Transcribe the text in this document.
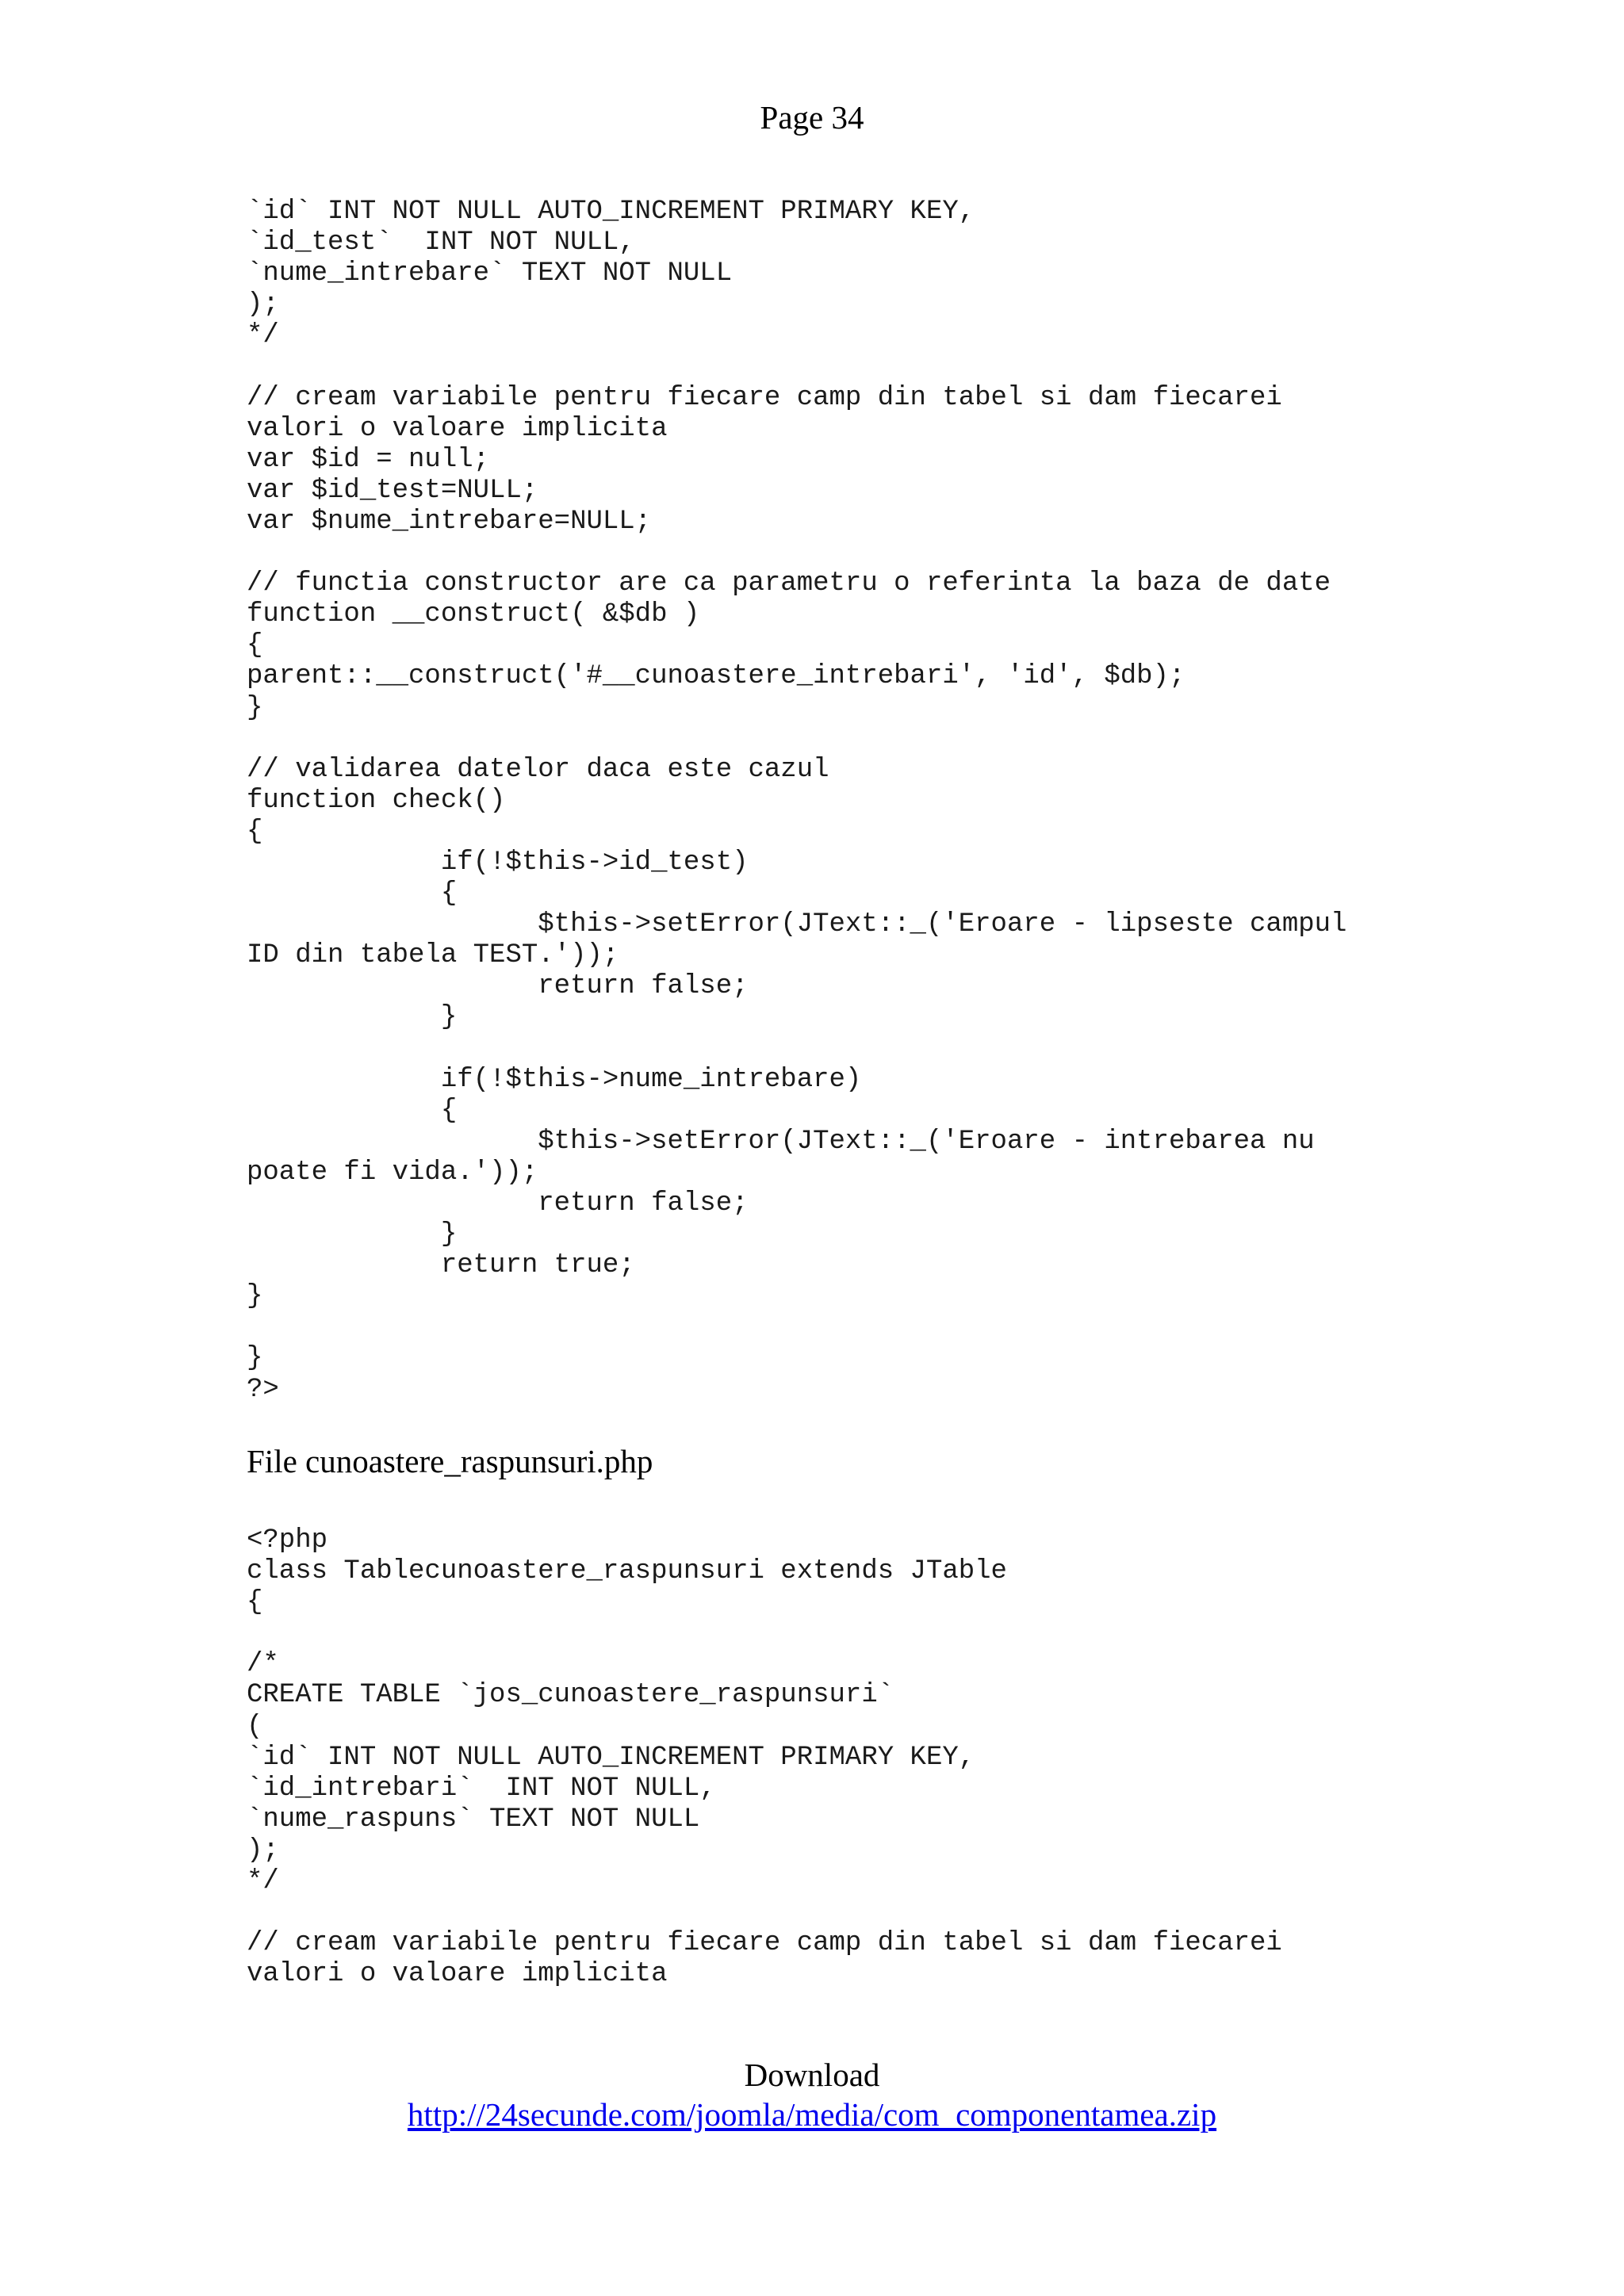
Page 34
`id` INT NOT NULL AUTO_INCREMENT PRIMARY KEY,
`id_test`  INT NOT NULL,
`nume_intrebare` TEXT NOT NULL
);
*/

// cream variabile pentru fiecare camp din tabel si dam fiecarei
valori o valoare implicita
var $id = null;
var $id_test=NULL;
var $nume_intrebare=NULL;

// functia constructor are ca parametru o referinta la baza de date
function __construct( &$db )
{
parent::__construct('#__cunoastere_intrebari', 'id', $db);
}

// validarea datelor daca este cazul
function check()
{
if(!$this->id_test)
{
$this->setError(JText::_('Eroare - lipseste campul
ID din tabela TEST.'));
return false;
}

if(!$this->nume_intrebare)
{
$this->setError(JText::_('Eroare - intrebarea nu
poate fi vida.'));
return false;
}
return true;
}

}
?>
File cunoastere_raspunsuri.php
<?php
class Tablecunoastere_raspunsuri extends JTable
{

/*
CREATE TABLE `jos_cunoastere_raspunsuri`
(
`id` INT NOT NULL AUTO_INCREMENT PRIMARY KEY,
`id_intrebari`  INT NOT NULL,
`nume_raspuns` TEXT NOT NULL
);
*/

// cream variabile pentru fiecare camp din tabel si dam fiecarei
valori o valoare implicita
Download
http://24secunde.com/joomla/media/com_componentamea.zip
